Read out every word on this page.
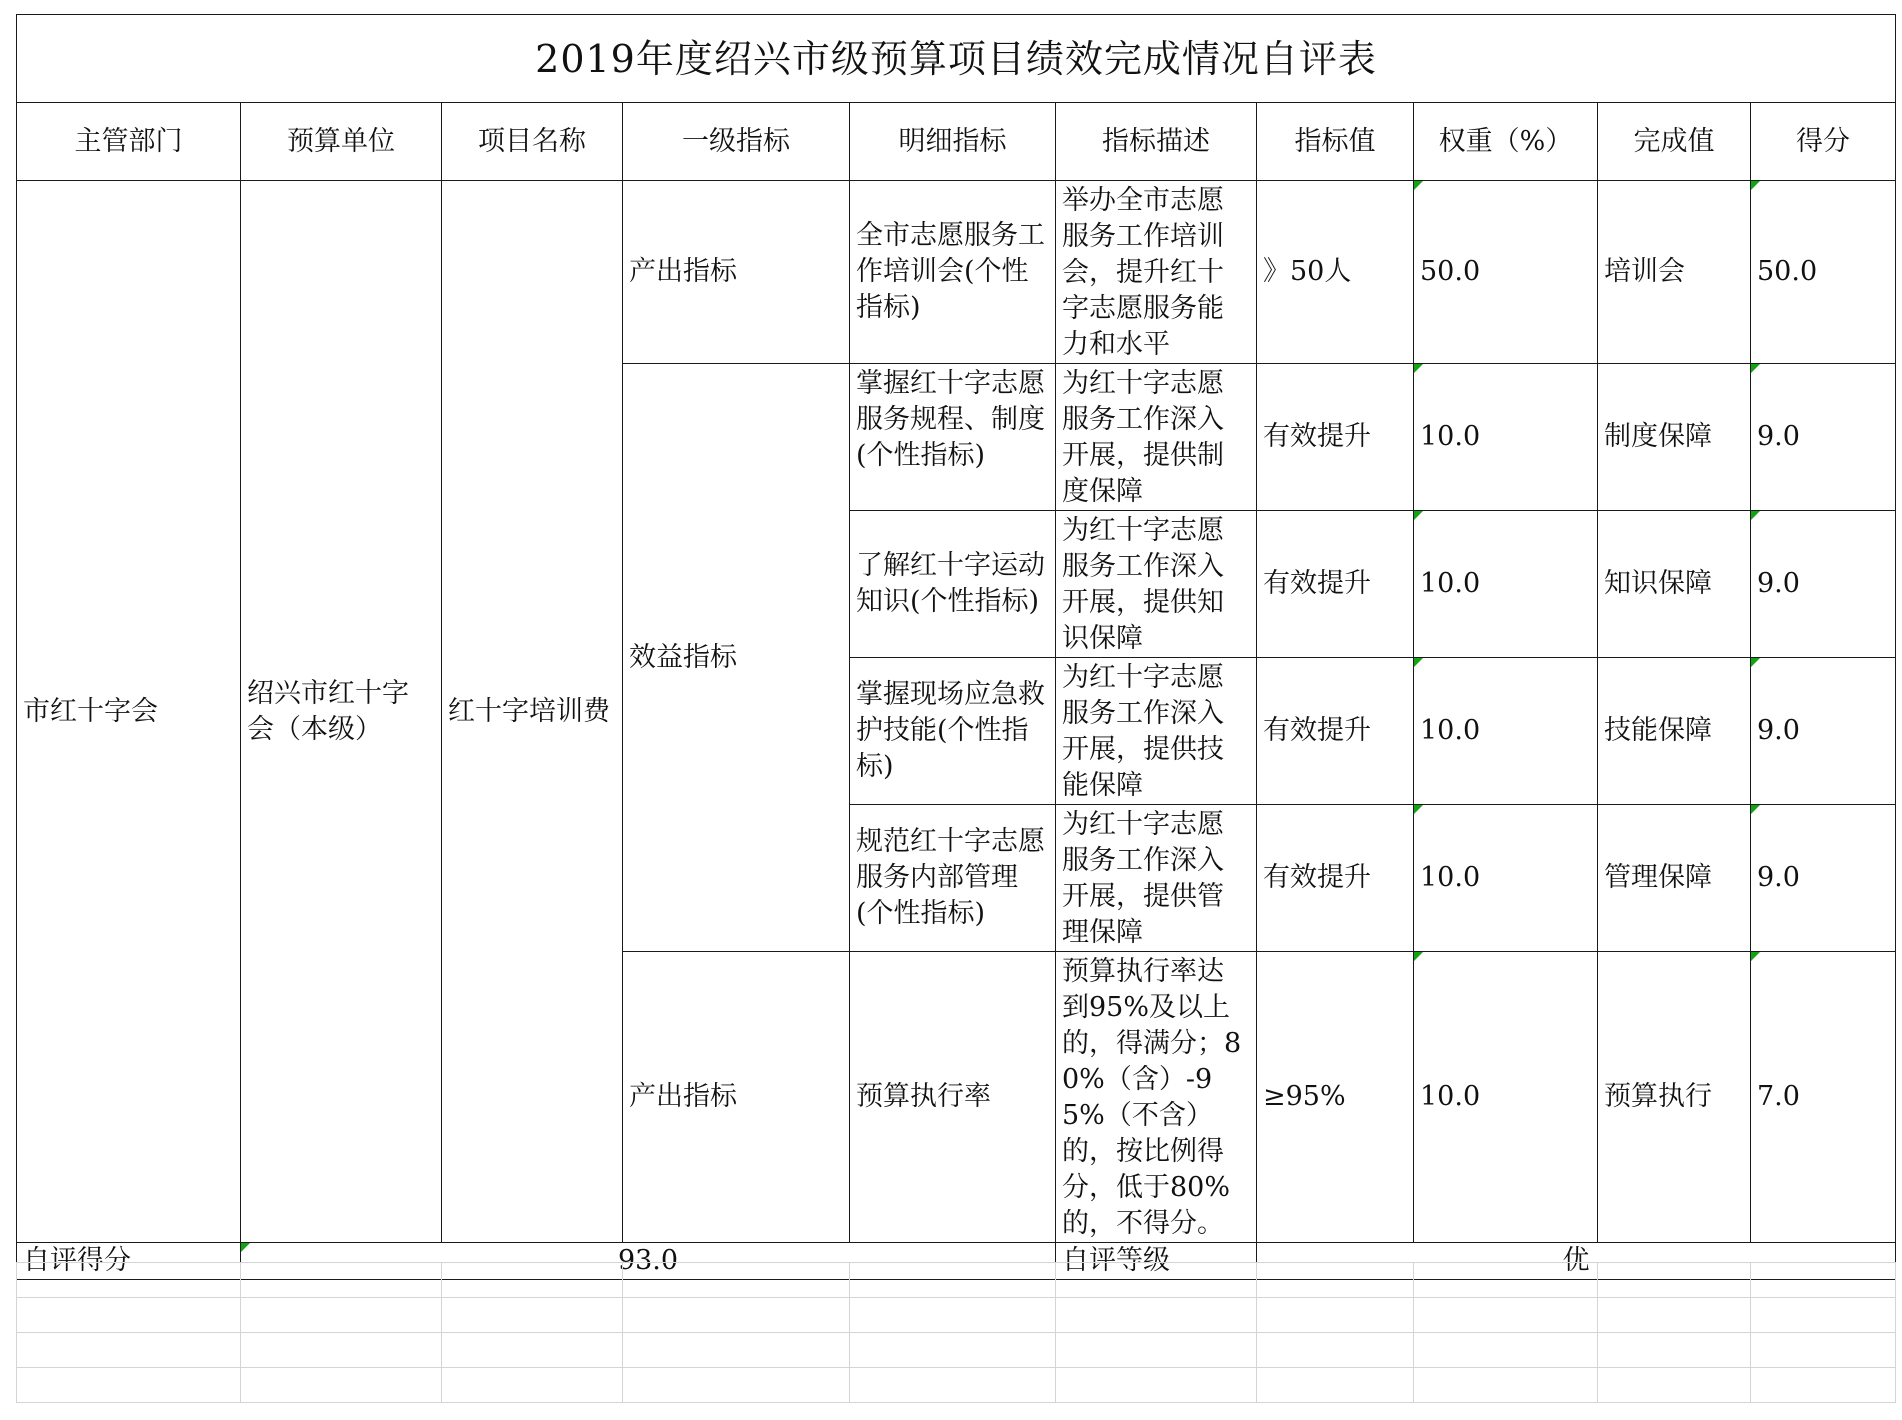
2019年度绍兴市级预算项目绩效完成情况自评表									
主管部门	预算单位	项目名称	一级指标	明细指标	指标描述	指标值	权重（%）	完成值	得分
市红十字会	绍兴市红十字会（本级）	红十字培训费	产出指标	全市志愿服务工作培训会(个性指标)	举办全市志愿服务工作培训会，提升红十字志愿服务能力和水平	》50人	50.0	培训会	50.0
			效益指标	掌握红十字志愿服务规程、制度(个性指标)	为红十字志愿服务工作深入开展，提供制度保障	有效提升	10.0	制度保障	9.0
				了解红十字运动知识(个性指标)	为红十字志愿服务工作深入开展，提供知识保障	有效提升	10.0	知识保障	9.0
				掌握现场应急救护技能(个性指标)	为红十字志愿服务工作深入开展，提供技能保障	有效提升	10.0	技能保障	9.0
				规范红十字志愿服务内部管理(个性指标)	为红十字志愿服务工作深入开展，提供管理保障	有效提升	10.0	管理保障	9.0
			产出指标	预算执行率	预算执行率达到95%及以上的，得满分；80%（含）-95%（不含）的，按比例得分，低于80%的，不得分。	≥95%	10.0	预算执行	7.0
自评得分	93.0				自评等级	优			
